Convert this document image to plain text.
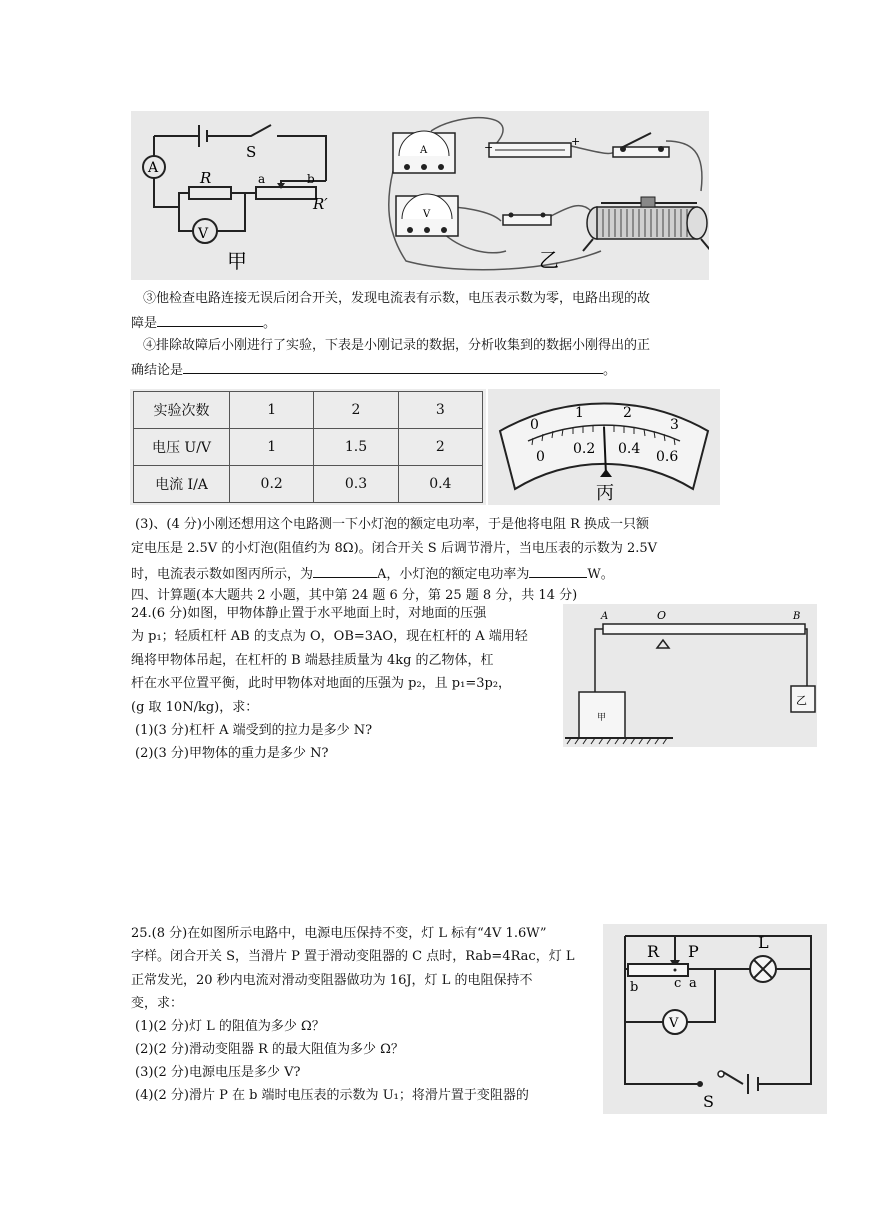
A
V
S
R	a	b
R′
甲
A	−	+
V
乙
③他检查电路连接无误后闭合开关，发现电流表有示数，电压表示数为零，电路出现的故
障是	。
④排除故障后小刚进行了实验，下表是小刚记录的数据，分析收集到的数据小刚得出的正
确结论是	。
实验次数	1	2	3
电压 U/V	1	1.5	2
电流 I/A	0.2	0.3	0.4
0
1	2
3
0 0.2 0.4 0.6
丙
(3)、(4 分)小刚还想用这个电路测一下小灯泡的额定电功率，于是他将电阻 R 换成一只额
定电压是 2.5V 的小灯泡(阻值约为 8Ω)。闭合开关 S 后调节滑片，当电压表的示数为 2.5V
时，电流表示数如图丙所示，为	A，小灯泡的额定电功率为	W。
四、计算题(本大题共 2 小题，其中第 24 题 6 分，第 25 题 8 分，共 14 分)
24.(6 分)如图，甲物体静止置于水平地面上时，对地面的压强
为 p₁；轻质杠杆 AB 的支点为 O，OB=3AO，现在杠杆的 A 端用轻
绳将甲物体吊起，在杠杆的 B 端悬挂质量为 4kg 的乙物体，杠
杆在水平位置平衡，此时甲物体对地面的压强为 p₂，且 p₁=3p₂，
(g 取 10N/kg)，求：
(1)(3 分)杠杆 A 端受到的拉力是多少 N?
(2)(3 分)甲物体的重力是多少 N?
A	O	B
甲
乙
25.(8 分)在如图所示电路中，电源电压保持不变，灯 L 标有“4V 1.6W”
字样。闭合开关 S，当滑片 P 置于滑动变阻器的 C 点时，Rab=4Rac，灯 L
正常发光，20 秒内电流对滑动变阻器做功为 16J，灯 L 的电阻保持不
变，求：
(1)(2 分)灯 L 的阻值为多少 Ω？
(2)(2 分)滑动变阻器 R 的最大阻值为多少 Ω？
(3)(2 分)电源电压是多少 V?
(4)(2 分)滑片 P 在 b 端时电压表的示数为 U₁；将滑片置于变阻器的
R P	L
b	c a
V
S
